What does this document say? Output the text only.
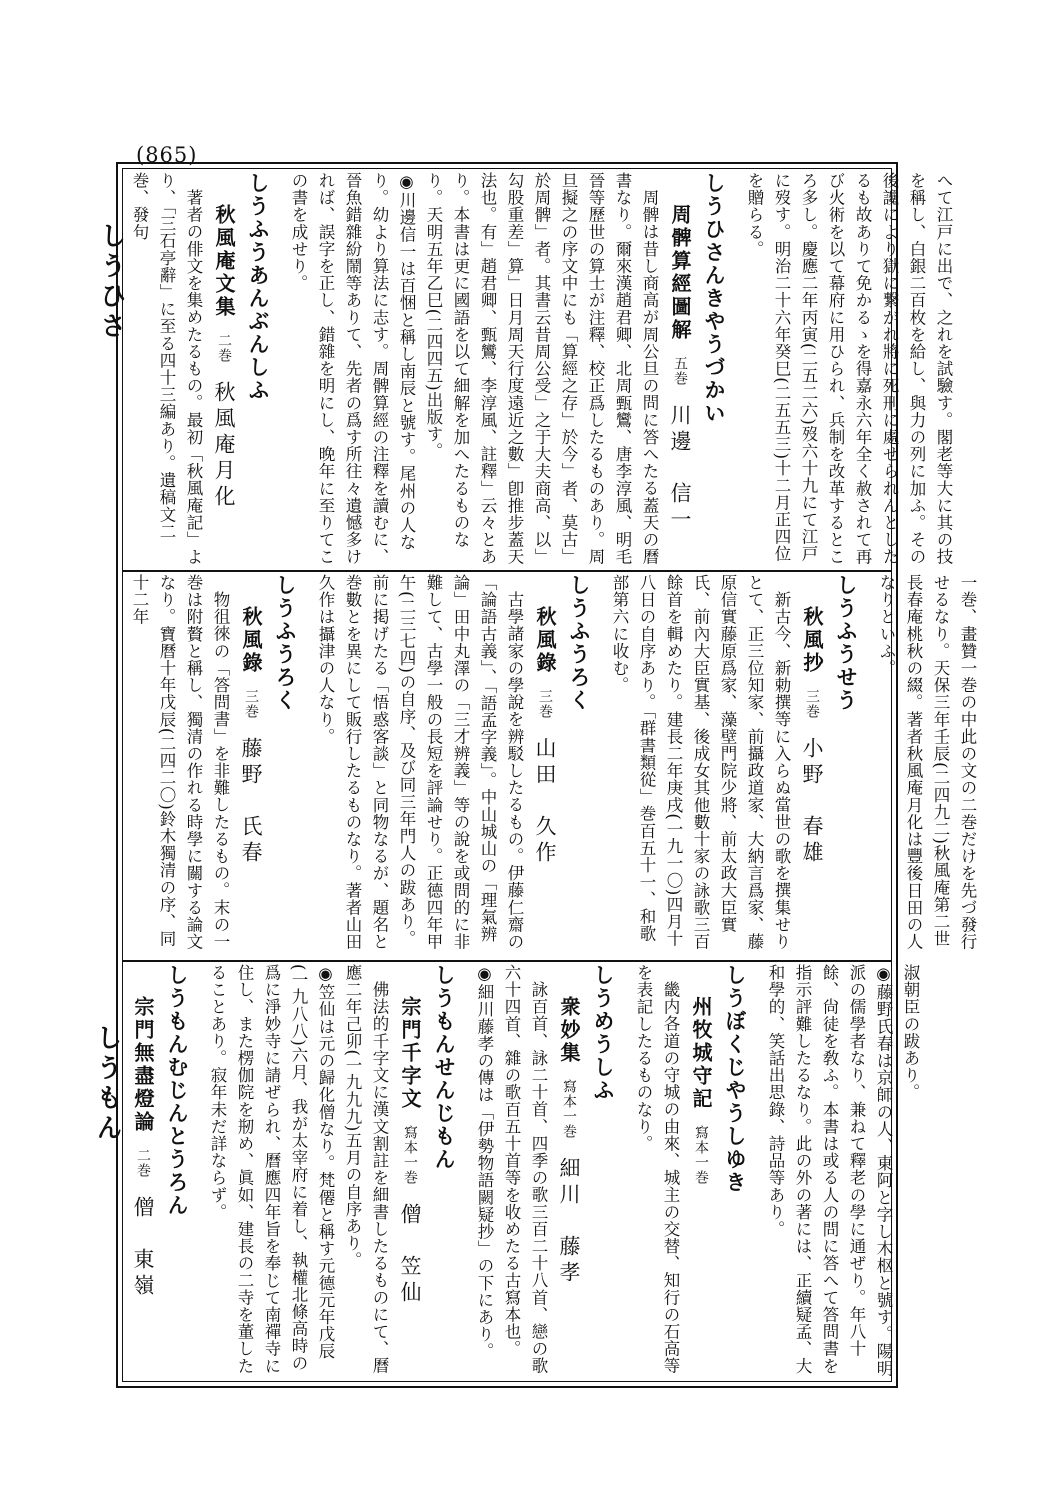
(865)
しうひさ
しうもん
へて江戸に出で、之れを試驗す。閣老等大に其の技を稱し、白銀二百枚を給し、與力の列に加ふ。その後讒により獄に繋がれ將に死刑に處せられんとしたるも故ありて免かるゝを得嘉永六年全く赦されて再び火術を以て幕府に用ひられ、兵制を改革するところ多し。慶應二年丙寅(二五二六)歿六十九にて江戸に歿す。明治二十六年癸巳(二五五三)十二月正四位を贈らる。
しうひさんきやうづかい
周髀算經圖解五巻川邊　信一
周髀は昔し商高が周公旦の問に答へたる蓋天の曆書なり。爾來漢趙君卿、北周甄鸞、唐李淳風、明毛晉等歷世の算士が注釋、校正爲したるものあり。周旦擬之の序文中にも「算經之存」於今」者、莫古」於周髀」者。其書云昔周公受」之于大夫商高、以」勾股重差」算」日月周天行度遠近之數」卽推步蓋天法也。有」趙君卿、甄鸞、李淳風、註釋」云々とあり。本書は更に國語を以て細解を加へたるものなり。天明五年乙巳(二四四五)出版す。
◉川邊信一は百悃と稱し南辰と號す。尾州の人なり。幼より算法に志す。周髀算經の注釋を讀むに、晉魚錯雜紛鬧等ありて、先者の爲す所往々遺憾多ければ、誤字を正し、錯雜を明にし、晚年に至りてこの書を成せり。
しうふうあんぶんしふ
秋風庵文集二巻秋風庵月化
著者の俳文を集めたるもの。最初「秋風庵記」より、「三石亭辭」に至る四十三編あり。遺稿文二巻、發句
一巻、畫贊一巻の中此の文の二巻だけを先づ發行せるなり。天保三年壬辰(二四九二)秋風庵第二世長春庵桃秋の綴。著者秋風庵月化は豐後日田の人なりといふ。
しうふうせう
秋風抄三巻小野　春雄
新古今、新勅撰等に入らぬ當世の歌を撰集せりとて、正三位知家、前攝政道家、大納言爲家、藤原信實藤原爲家、藻壁門院少將、前太政大臣實氏、前內大臣實基、後成女其他數十家の詠歌三百餘首を輯めたり。建長二年庚戌(一九一〇)四月十八日の自序あり。「群書類從」巻百五十一、和歌部第六に收む。
しうふうろく
秋風錄三巻山田　久作
古學諸家の學說を辨駁したるもの。伊藤仁齋の「論語古義」、「語孟字義」。中山城山の「理氣辨論」田中丸澤の「三才辨義」等の說を或問的に非難して、古學一般の長短を評論せり。正德四年甲午(二三七四)の自序、及び同三年門人の跋あり。前に掲げたる「悟惑客談」と同物なるが、題名と巻數とを異にして販行したるものなり。著者山田久作は攝津の人なり。
しうふうろく
秋風錄三巻藤野　氏春
物徂徠の「答問書」を非難したるもの。末の一巻は附贅と稱し、獨清の作れる時學に關する論文なり。寶曆十年戊辰(二四二〇)鈴木獨清の序、同十二年
淑朝臣の跋あり。
◉藤野氏春は京師の人、東阿と字し木枢と號す。陽明派の儒學者なり、兼ねて釋老の學に通ぜり。年八十餘、尙徒を敎ふ。本書は或る人の問に答へて答問書を指示評難したるなり。此の外の著には、正續疑孟、大和學的、笑話出思錄、詩品等あり。
しうぼくじやうしゆき
州牧城守記寫本一巻
畿内各道の守城の由來、城主の交替、知行の石高等を表記したるものなり。
しうめうしふ
衆妙集寫本一巻細川　藤孝
詠百首、詠二十首、四季の歌三百二十八首、戀の歌六十四首、雜の歌百五十首等を收めたる古寫本也。
◉細川藤孝の傳は「伊勢物語闕疑抄」の下にあり。
しうもんせんじもん
宗門千字文寫本一巻僧　笠仙
佛法的千字文に漢文割註を細書したるものにて、曆應二年己卯(一九九九)五月の自序あり。
◉笠仙は元の歸化僧なり。梵僊と稱す元德元年戊辰(一九八八)六月、我が太宰府に着し、執權北條高時の爲に淨妙寺に請ぜられ、曆應四年旨を奉じて南禪寺に住し、また楞伽院を剏め、眞如、建長の二寺を董したることあり。寂年未だ詳ならず。
しうもんむじんとうろん
宗門無盡燈論二巻僧　東嶺
